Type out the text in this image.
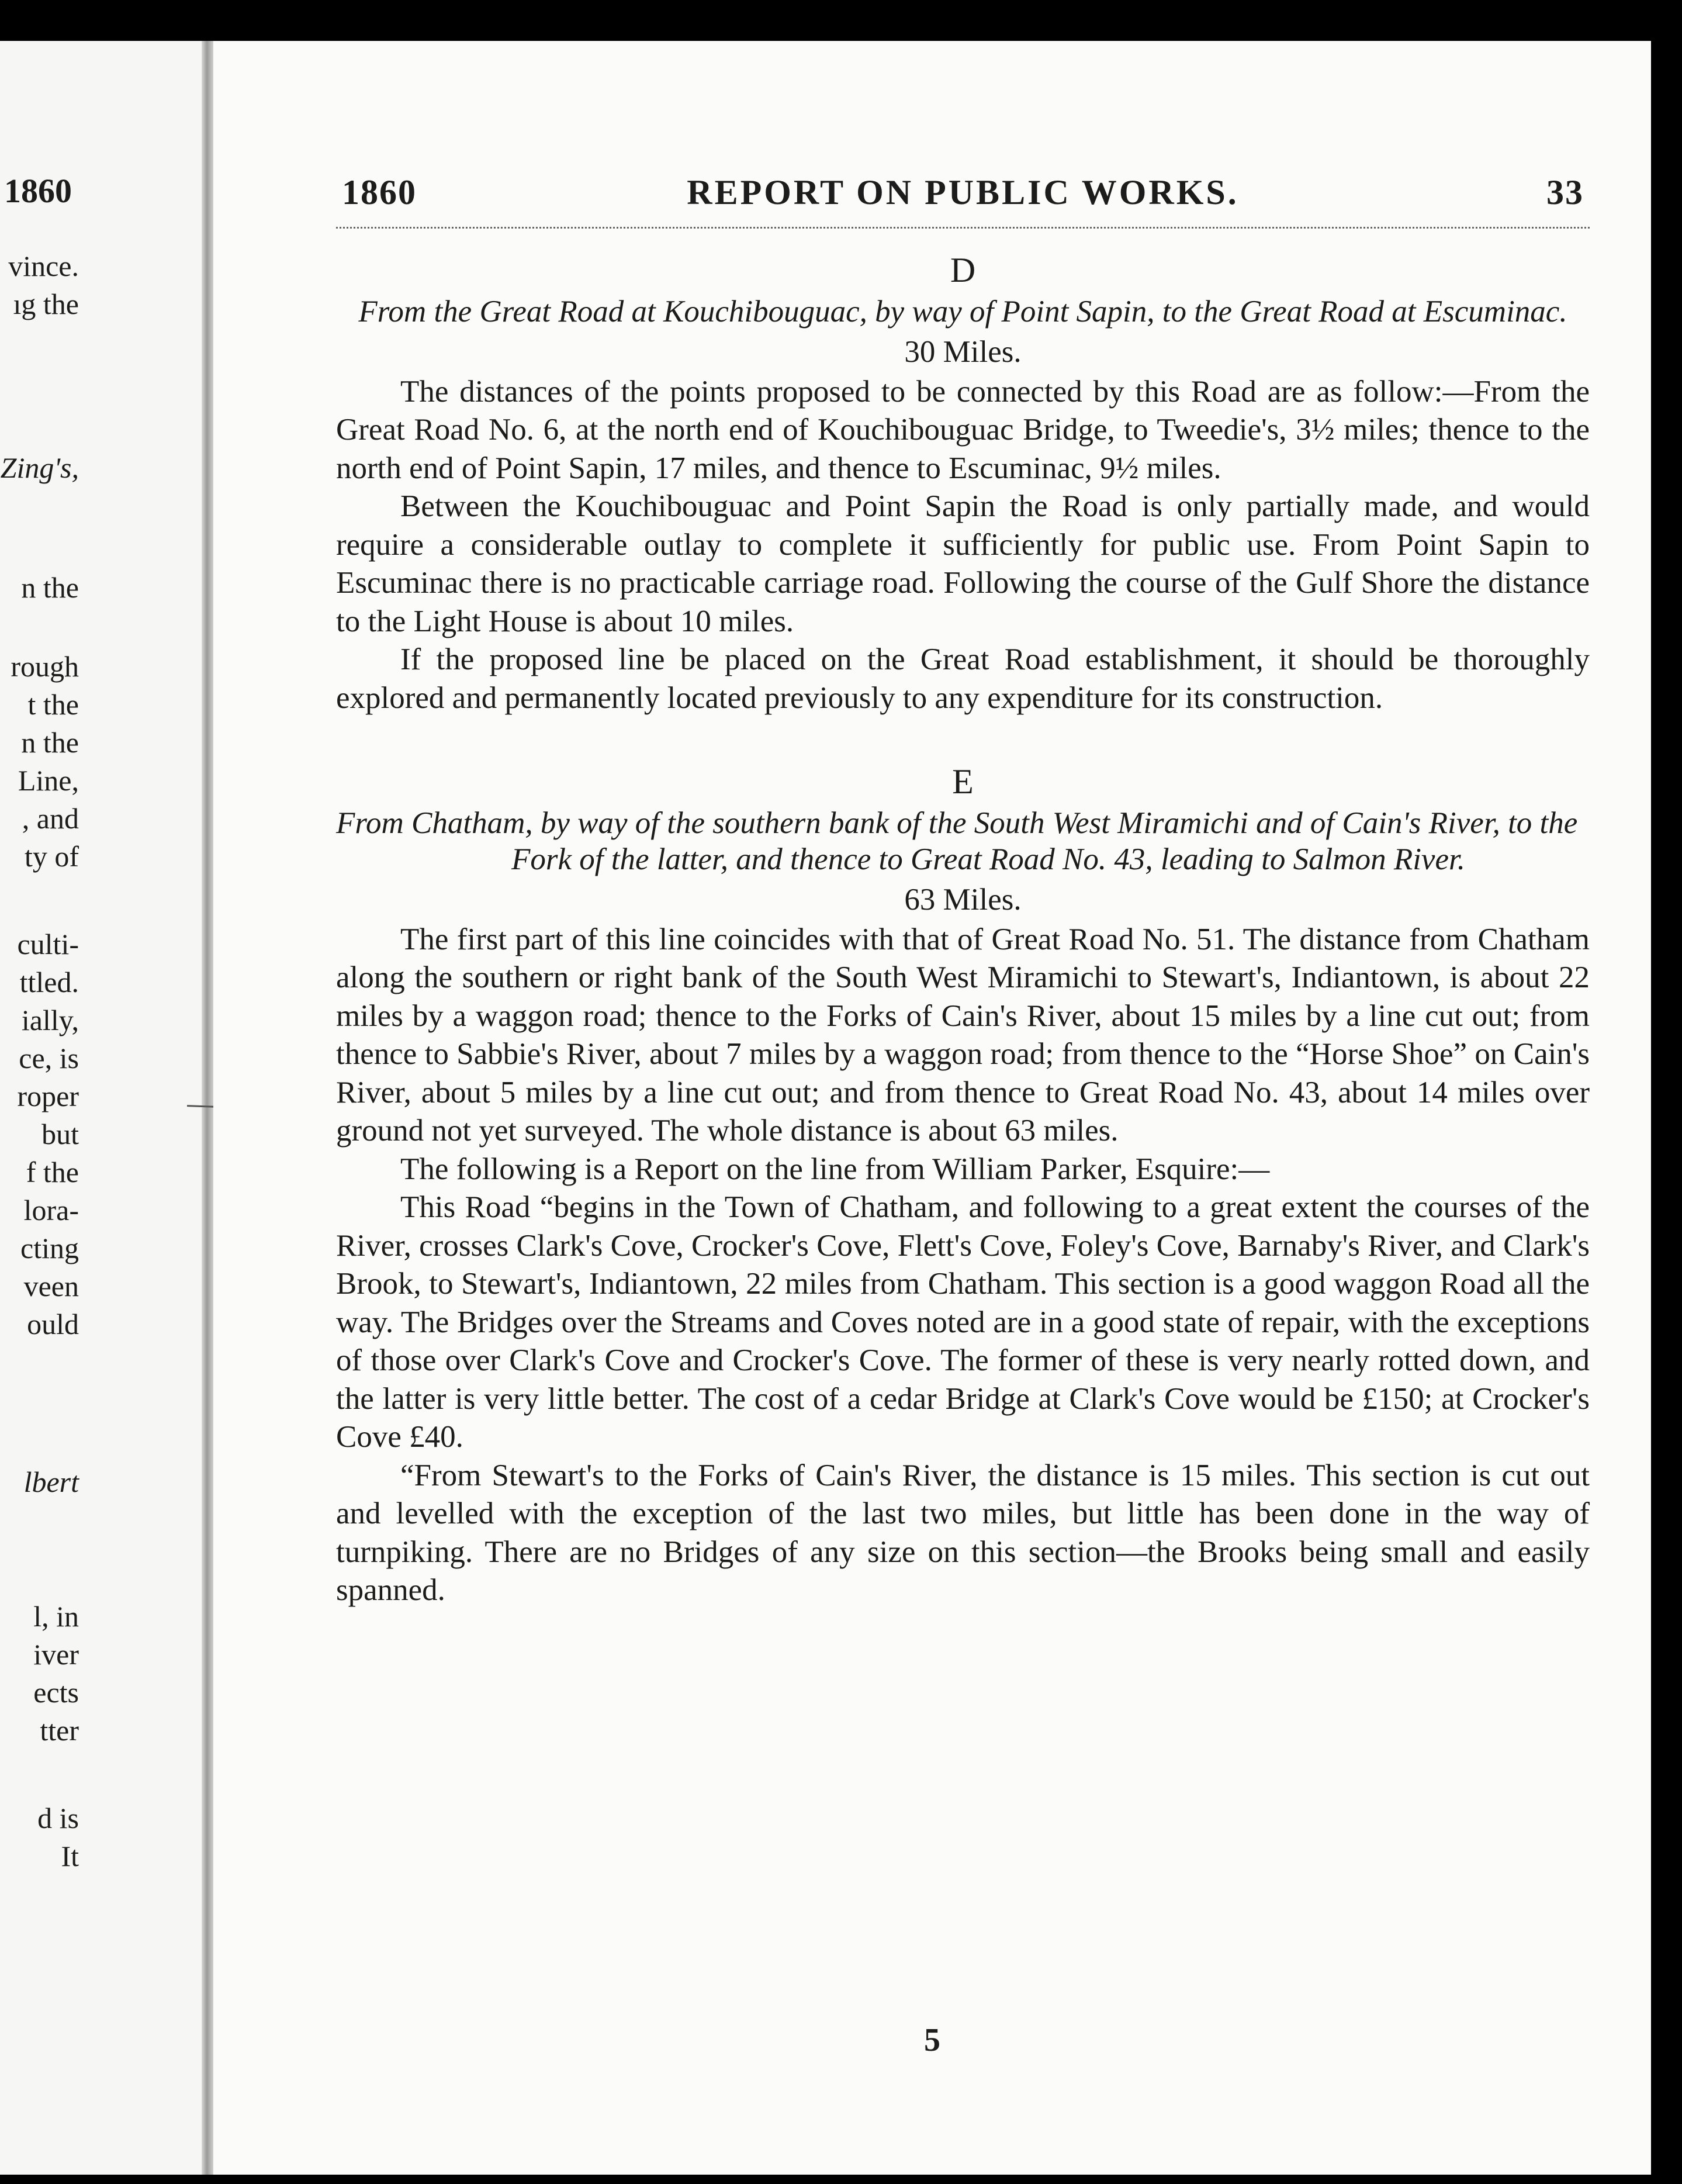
1860
vince.
ıg the
Zing's,
n the
rough
t the
n the
Line,
, and
ty of
culti-
ttled.
ially,
ce, is
roper
but
f the
lora-
cting
veen
ould
lbert
l, in
iver
ects
tter
d is
It
1860	REPORT ON PUBLIC WORKS.	33
D
From the Great Road at Kouchibouguac, by way of Point Sapin, to the Great Road at Escuminac.
30 Miles.

The distances of the points proposed to be connected by this Road are as follow:—From the Great Road No. 6, at the north end of Kouchibouguac Bridge, to Tweedie's, 3½ miles; thence to the north end of Point Sapin, 17 miles, and thence to Escuminac, 9½ miles.

Between the Kouchibouguac and Point Sapin the Road is only partially made, and would require a considerable outlay to complete it sufficiently for public use. From Point Sapin to Escuminac there is no practicable carriage road. Following the course of the Gulf Shore the distance to the Light House is about 10 miles.

If the proposed line be placed on the Great Road establishment, it should be thoroughly explored and permanently located previously to any expenditure for its construction.

E
From Chatham, by way of the southern bank of the South West Miramichi and of Cain's River, to the Fork of the latter, and thence to Great Road No. 43, leading to Salmon River.
63 Miles.

The first part of this line coincides with that of Great Road No. 51. The distance from Chatham along the southern or right bank of the South West Miramichi to Stewart's, Indiantown, is about 22 miles by a waggon road; thence to the Forks of Cain's River, about 15 miles by a line cut out; from thence to Sabbie's River, about 7 miles by a waggon road; from thence to the “Horse Shoe” on Cain's River, about 5 miles by a line cut out; and from thence to Great Road No. 43, about 14 miles over ground not yet surveyed. The whole distance is about 63 miles.

The following is a Report on the line from William Parker, Esquire:—

This Road “begins in the Town of Chatham, and following to a great extent the courses of the River, crosses Clark's Cove, Crocker's Cove, Flett's Cove, Foley's Cove, Barnaby's River, and Clark's Brook, to Stewart's, Indiantown, 22 miles from Chatham. This section is a good waggon Road all the way. The Bridges over the Streams and Coves noted are in a good state of repair, with the exceptions of those over Clark's Cove and Crocker's Cove. The former of these is very nearly rotted down, and the latter is very little better. The cost of a cedar Bridge at Clark's Cove would be £150; at Crocker's Cove £40.

“From Stewart's to the Forks of Cain's River, the distance is 15 miles. This section is cut out and levelled with the exception of the last two miles, but little has been done in the way of turnpiking. There are no Bridges of any size on this section—the Brooks being small and easily spanned.

5
